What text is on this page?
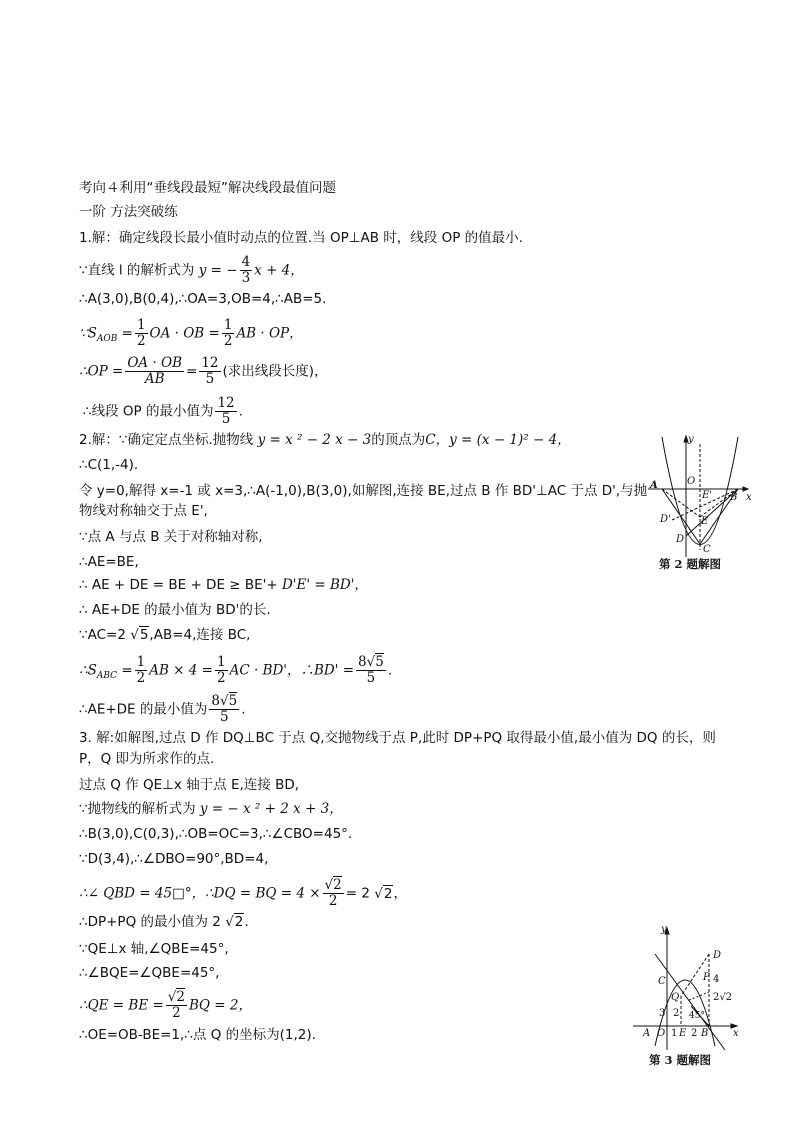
考向４利用“垂线段最短”解决线段最值问题
一阶 方法突破练
1.解：确定线段长最小值时动点的位置.当 OP⊥AB 时，线段 OP 的值最小.
∵直线 l 的解析式为 y = − $\frac{4}{3}$ x + 4，
∴A(3,0),B(0,4),∴OA=3,OB=4,∴AB=5.
$\because S_{AOB} = \frac{1}{2}$ OA · OB = $\frac{1}{2}$ AB · OP，
∴OP = $\frac{OA \cdot OB}{AB} = \frac{12}{5}$ (求出线段长度)，
∴线段 OP 的最小值为 $\frac{12}{5}$ .
2.解：∵确定定点坐标.抛物线 y = x ² − 2 x − 3的顶点为C，y = (x − 1)² − 4，
∴C(1,-4).
令 y=0,解得 x=-1 或 x=3,∴A(-1,0),B(3,0),如解图,连接 BE,过点 B 作 BD'⊥AC 于点 D',与抛
物线对称轴交于点 E',
∵点 A 与点 B 关于对称轴对称,
∴AE=BE,
∴ AE + DE = BE + DE ≥ BE'+ D'E' = BD'，
∴ AE+DE 的最小值为 BD'的长.
∵AC=2 √5,AB=4,连接 BC,
$\therefore S_{ABC} = \frac{1}{2}$ AB × $4 = \frac{1}{2}$ AC · BD'，∴BD' = $\frac{8√5}{5}$ .
∴AE+DE 的最小值为 $\frac{8√5}{5}$ .
y
x
A	O
E' B
D'	E
D
C
第 2 题解图
3. 解:如解图,过点 D 作 DQ⊥BC 于点 Q,交抛物线于点 P,此时 DP+PQ 取得最小值,最小值为 DQ 的长，则
P，Q 即为所求作的点.
过点 Q 作 QE⊥x 轴于点 E,连接 BD,
∵抛物线的解析式为 y = − x ² + 2 x + 3，
∴B(3,0),C(0,3),∴OB=OC=3,∴∠CBO=45°.
∵D(3,4),∴∠DBO=90°,BD=4,
∴∠ QBD = 45□°，∴DQ = BQ = $4 \times \frac{√2}{2} = 2$ √2，
∴DP+PQ 的最小值为 2 √2.
∵QE⊥x 轴,∠QBE=45°,
∴∠BQE=∠QBE=45°,
∴QE = BE = $\frac{√2}{2}$ BQ = 2，
∴OE=OB-BE=1,∴点 Q 的坐标为(1,2).
y
x
D
C	P
Q
A O E B
4
3 2
1 2
2√2
45°
第 3 题解图
